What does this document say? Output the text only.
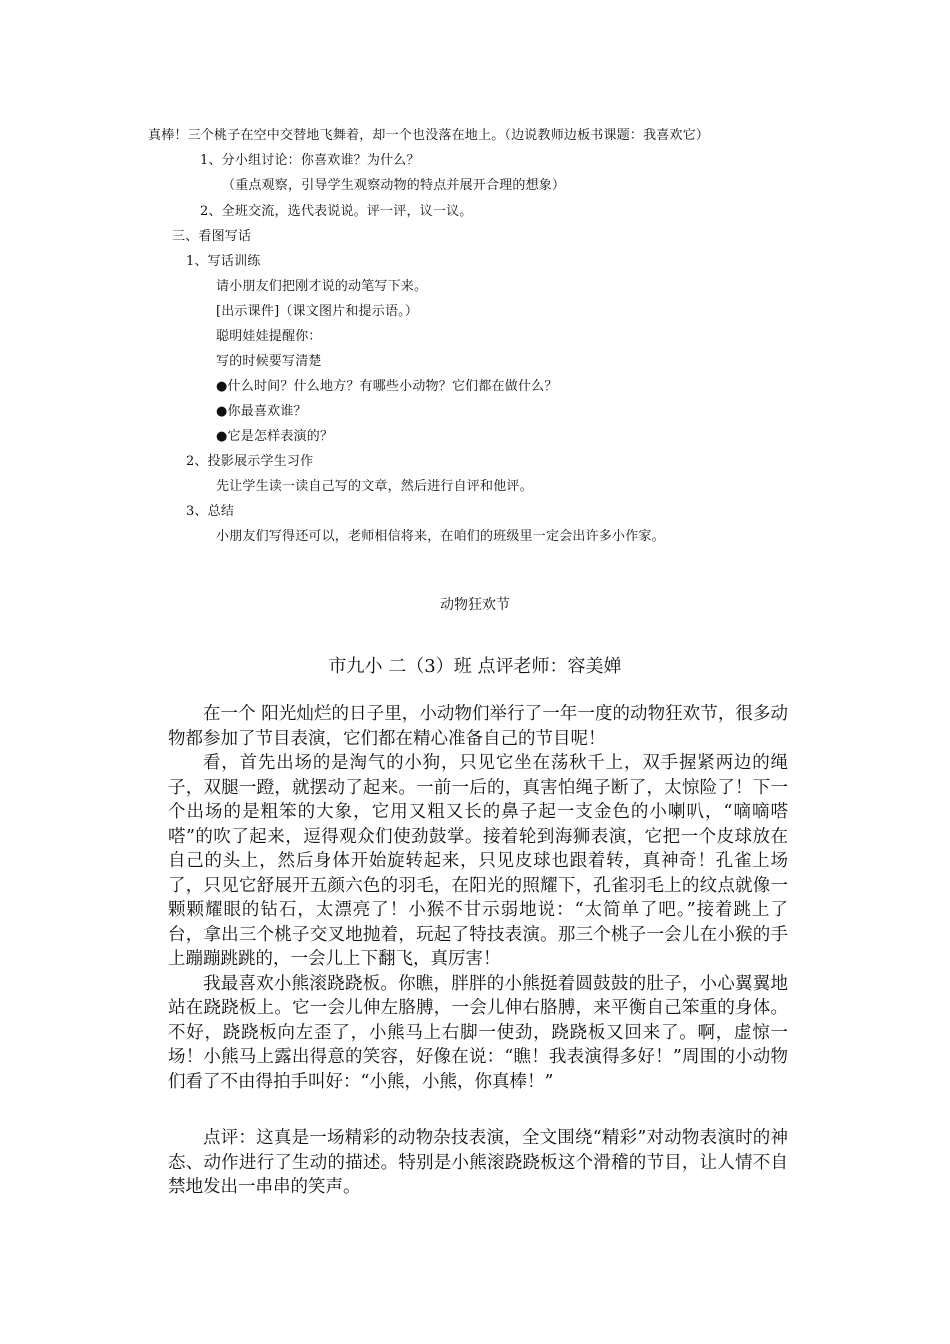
真棒！三个桃子在空中交替地飞舞着，却一个也没落在地上。（边说教师边板书课题：我喜欢它）
1、分小组讨论：你喜欢谁？为什么？
（重点观察，引导学生观察动物的特点并展开合理的想象）
2、全班交流，选代表说说。评一评，议一议。
三、看图写话
1、写话训练
请小朋友们把刚才说的动笔写下来。
[出示课件]（课文图片和提示语。）
聪明娃娃提醒你：
写的时候要写清楚
●什么时间？什么地方？有哪些小动物？它们都在做什么？
●你最喜欢谁？
●它是怎样表演的？
2、投影展示学生习作
先让学生读一读自己写的文章，然后进行自评和他评。
3、总结
小朋友们写得还可以，老师相信将来，在咱们的班级里一定会出许多小作家。
动物狂欢节
市九小 二（3）班 点评老师：容美婵

在一个 阳光灿烂的日子里，小动物们举行了一年一度的动物狂欢节，很多动物都参加了节目表演，它们都在精心准备自己的节目呢！

看，首先出场的是淘气的小狗，只见它坐在荡秋千上，双手握紧两边的绳子，双腿一蹬，就摆动了起来。一前一后的，真害怕绳子断了，太惊险了！下一个出场的是粗笨的大象，它用又粗又长的鼻子起一支金色的小喇叭，“嘀嘀嗒嗒”的吹了起来，逗得观众们使劲鼓掌。接着轮到海狮表演，它把一个皮球放在自己的头上，然后身体开始旋转起来，只见皮球也跟着转，真神奇！孔雀上场了，只见它舒展开五颜六色的羽毛，在阳光的照耀下，孔雀羽毛上的纹点就像一颗颗耀眼的钻石，太漂亮了！小猴不甘示弱地说：“太简单了吧。”接着跳上了台，拿出三个桃子交叉地抛着，玩起了特技表演。那三个桃子一会儿在小猴的手上蹦蹦跳跳的，一会儿上下翻飞，真厉害！

我最喜欢小熊滚跷跷板。你瞧，胖胖的小熊挺着圆鼓鼓的肚子，小心翼翼地站在跷跷板上。它一会儿伸左胳膊，一会儿伸右胳膊，来平衡自己笨重的身体。不好，跷跷板向左歪了，小熊马上右脚一使劲，跷跷板又回来了。啊，虚惊一场！小熊马上露出得意的笑容，好像在说：“瞧！我表演得多好！”周围的小动物们看了不由得拍手叫好：“小熊，小熊，你真棒！”

点评：这真是一场精彩的动物杂技表演，全文围绕“精彩”对动物表演时的神态、动作进行了生动的描述。特别是小熊滚跷跷板这个滑稽的节目，让人情不自禁地发出一串串的笑声。
